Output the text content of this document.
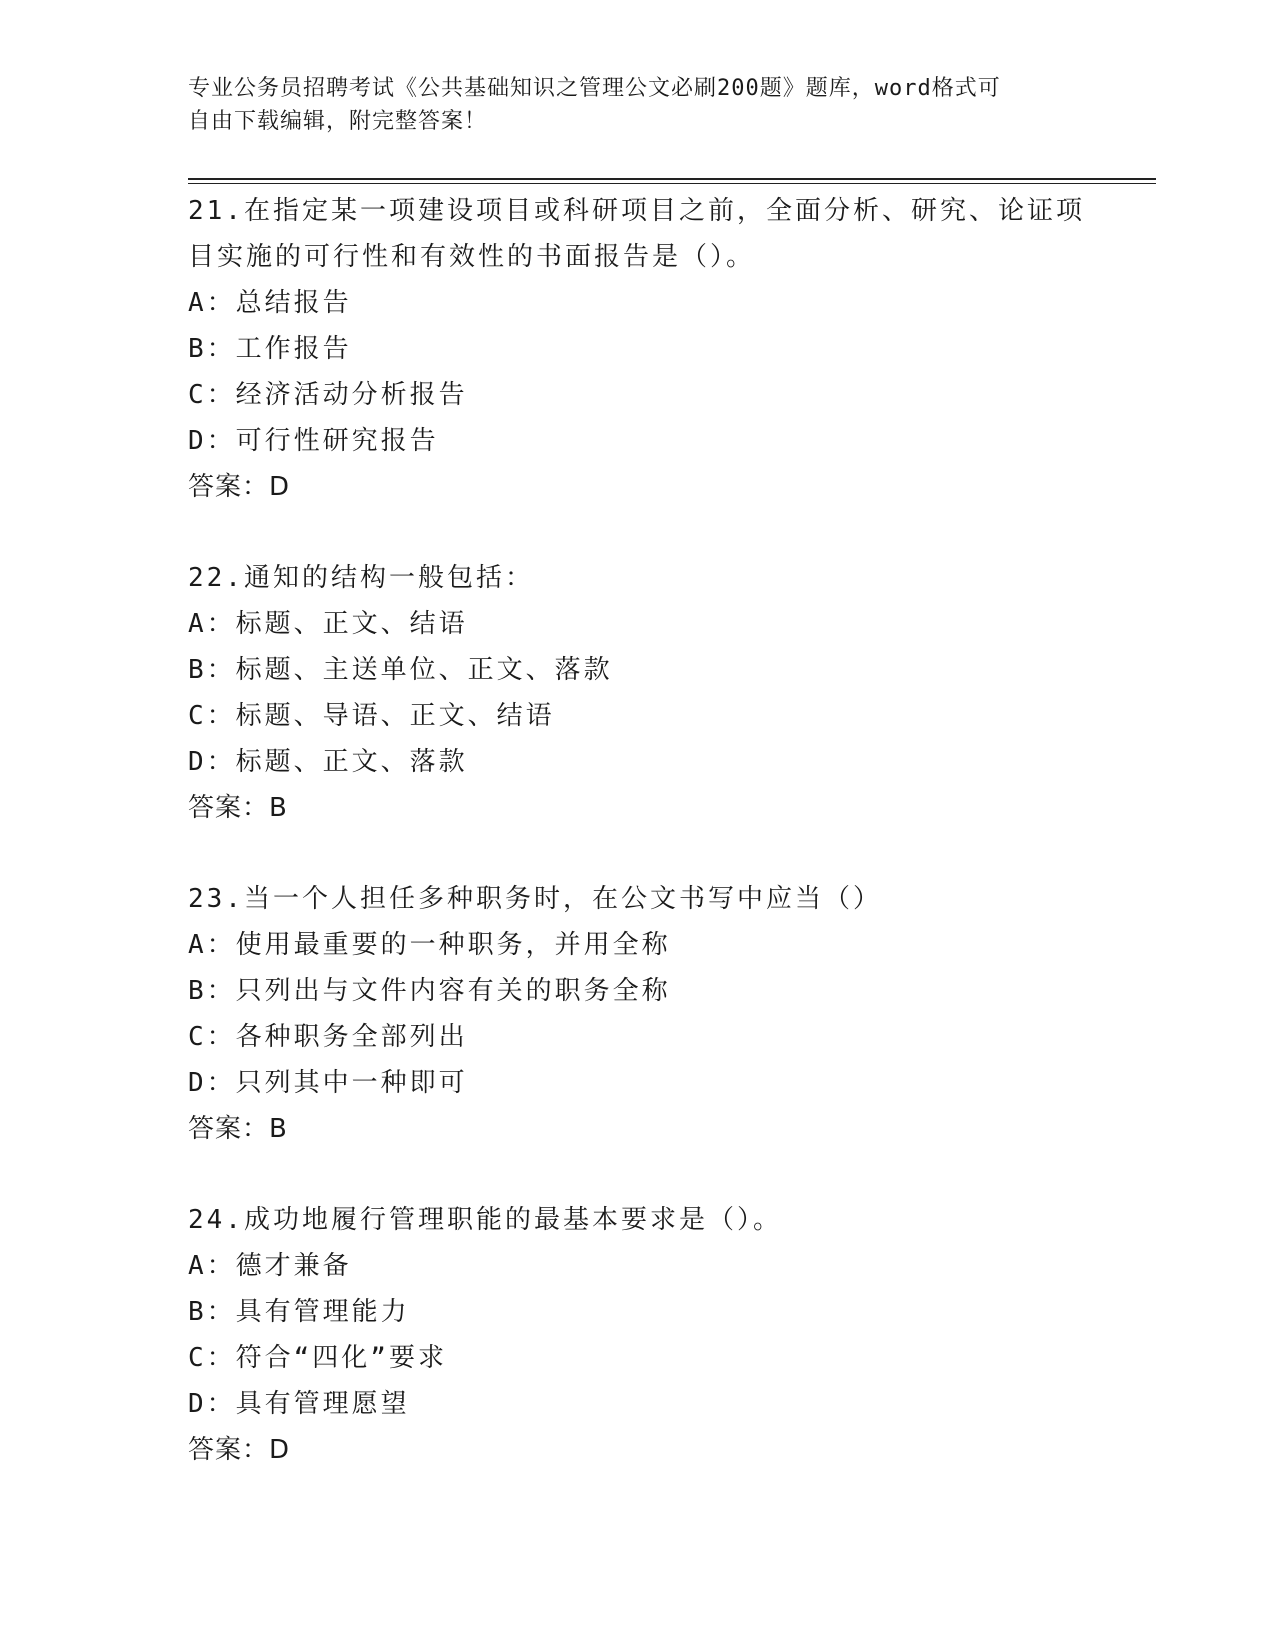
专业公务员招聘考试《公共基础知识之管理公文必刷200题》题库，word格式可
自由下载编辑，附完整答案！
21.在指定某一项建设项目或科研项目之前，全面分析、研究、论证项
目实施的可行性和有效性的书面报告是（）。
A：总结报告
B：工作报告
C：经济活动分析报告
D：可行性研究报告
答案：D
22.通知的结构一般包括：
A：标题、正文、结语
B：标题、主送单位、正文、落款
C：标题、导语、正文、结语
D：标题、正文、落款
答案：B
23.当一个人担任多种职务时，在公文书写中应当（）
A：使用最重要的一种职务，并用全称
B：只列出与文件内容有关的职务全称
C：各种职务全部列出
D：只列其中一种即可
答案：B
24.成功地履行管理职能的最基本要求是（）。
A：德才兼备
B：具有管理能力
C：符合“四化”要求
D：具有管理愿望
答案：D
